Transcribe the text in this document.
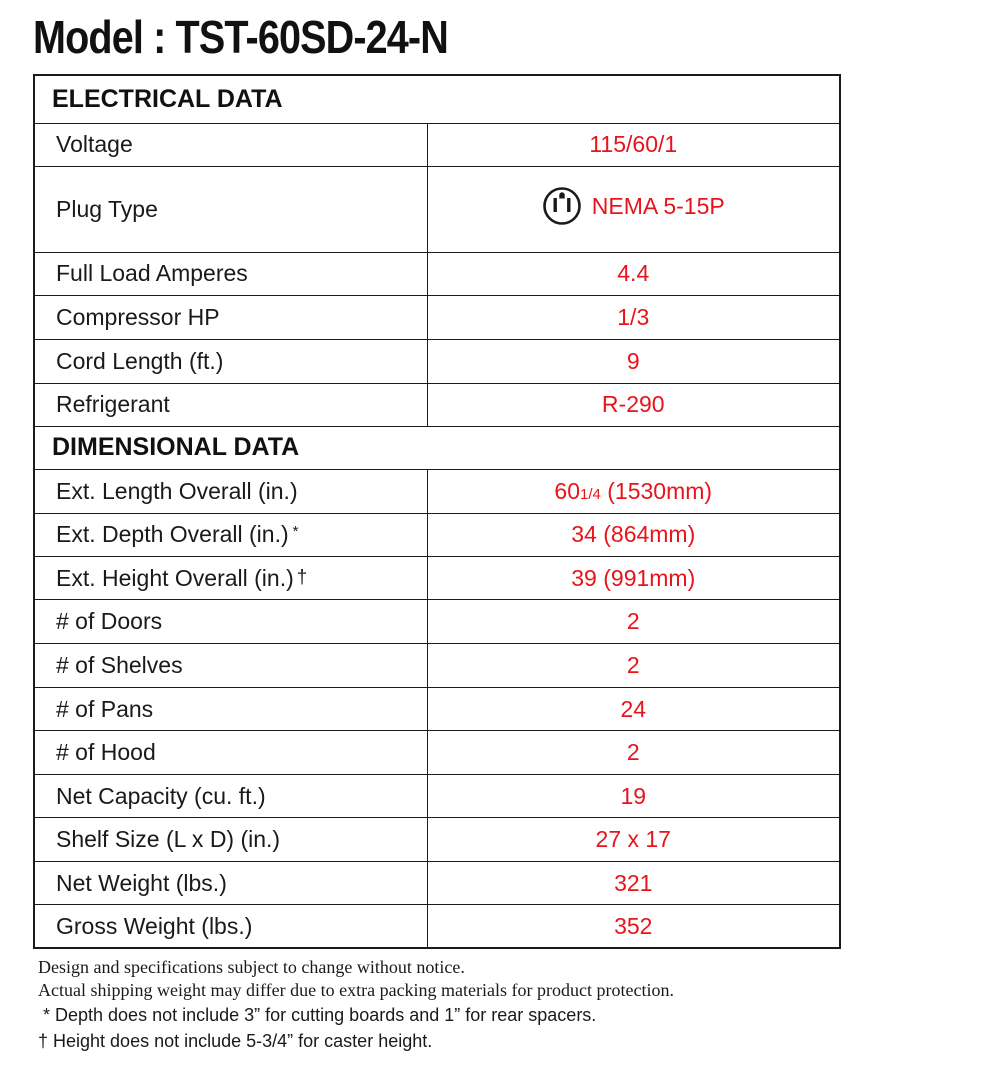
Model : TST-60SD-24-N
ELECTRICAL DATA	
Voltage	115/60/1
Plug Type	NEMA 5-15P

Full Load Amperes	4.4
Compressor HP	1/3
Cord Length (ft.)	9
Refrigerant	R-290
DIMENSIONAL DATA	
Ext. Length Overall (in.)	601/4 (1530mm)
Ext. Depth Overall (in.) *	34 (864mm)
Ext. Height Overall (in.) †	39 (991mm)
# of Doors	2
# of Shelves	2
# of Pans	24
# of Hood	2
Net Capacity (cu. ft.)	19
Shelf Size (L x D) (in.)	27 x 17
Net Weight (lbs.)	321
Gross Weight (lbs.)	352
Design and specifications subject to change without notice.
Actual shipping weight may differ due to extra packing materials for product protection.
* Depth does not include 3” for cutting boards and 1” for rear spacers.
† Height does not include 5-3/4” for caster height.
